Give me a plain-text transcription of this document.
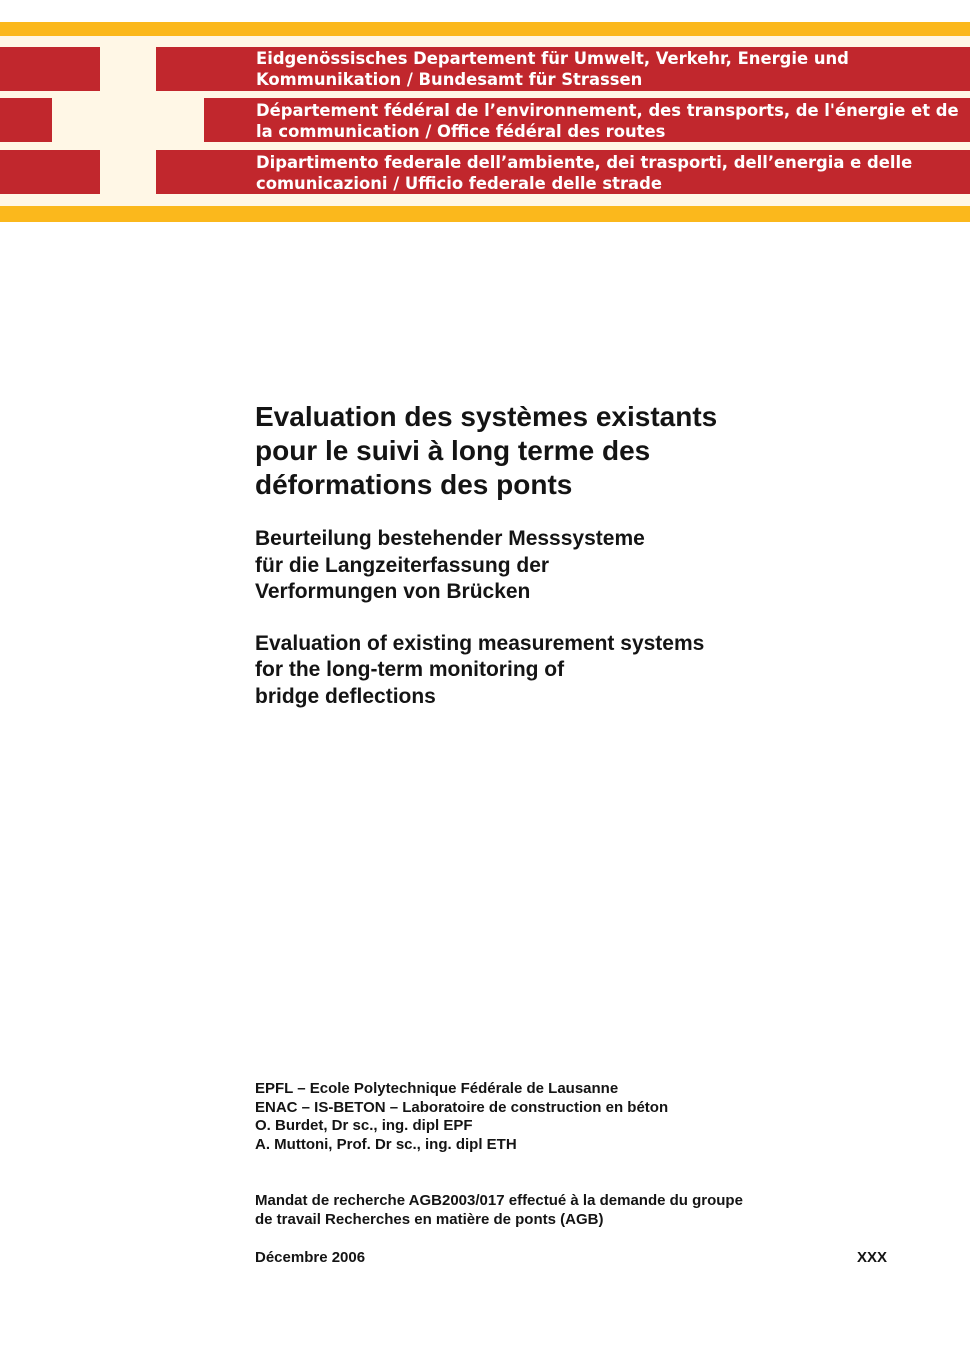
Eidgenössisches Departement für Umwelt, Verkehr, Energie und
Kommunikation / Bundesamt für Strassen
Département fédéral de l’environnement, des transports, de l'énergie et de
la communication / Office fédéral des routes
Dipartimento federale dell’ambiente, dei trasporti, dell’energia e delle
comunicazioni / Ufficio federale delle strade
Evaluation des systèmes existants
pour le suivi à long terme des
déformations des ponts
Beurteilung bestehender Messsysteme
für die Langzeiterfassung der
Verformungen von Brücken
Evaluation of existing measurement systems
for the long-term monitoring of
bridge deflections
EPFL – Ecole Polytechnique Fédérale de Lausanne
ENAC – IS-BETON – Laboratoire de construction en béton
O. Burdet, Dr sc., ing. dipl EPF
A. Muttoni, Prof. Dr sc., ing. dipl ETH
Mandat de recherche AGB2003/017 effectué à la demande du groupe
de travail Recherches en matière de ponts (AGB)
Décembre 2006	XXX
